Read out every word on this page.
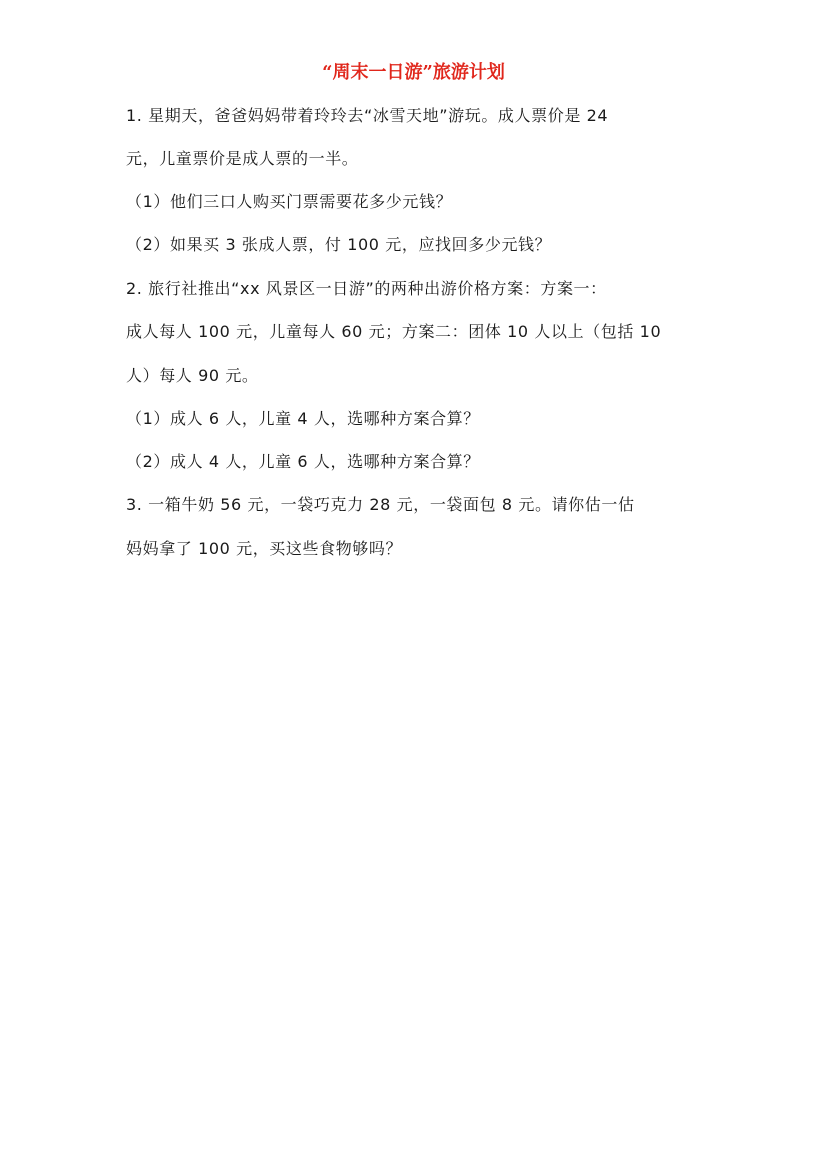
“周末一日游”旅游计划
1. 星期天，爸爸妈妈带着玲玲去“冰雪天地”游玩。成人票价是 24
元，儿童票价是成人票的一半。
（1）他们三口人购买门票需要花多少元钱？
（2）如果买 3 张成人票，付 100 元，应找回多少元钱？
2. 旅行社推出“xx 风景区一日游”的两种出游价格方案：方案一：
成人每人 100 元，儿童每人 60 元；方案二：团体 10 人以上（包括 10
人）每人 90 元。
（1）成人 6 人，儿童 4 人，选哪种方案合算？
（2）成人 4 人，儿童 6 人，选哪种方案合算？
3. 一箱牛奶 56 元，一袋巧克力 28 元，一袋面包 8 元。请你估一估
妈妈拿了 100 元，买这些食物够吗？
